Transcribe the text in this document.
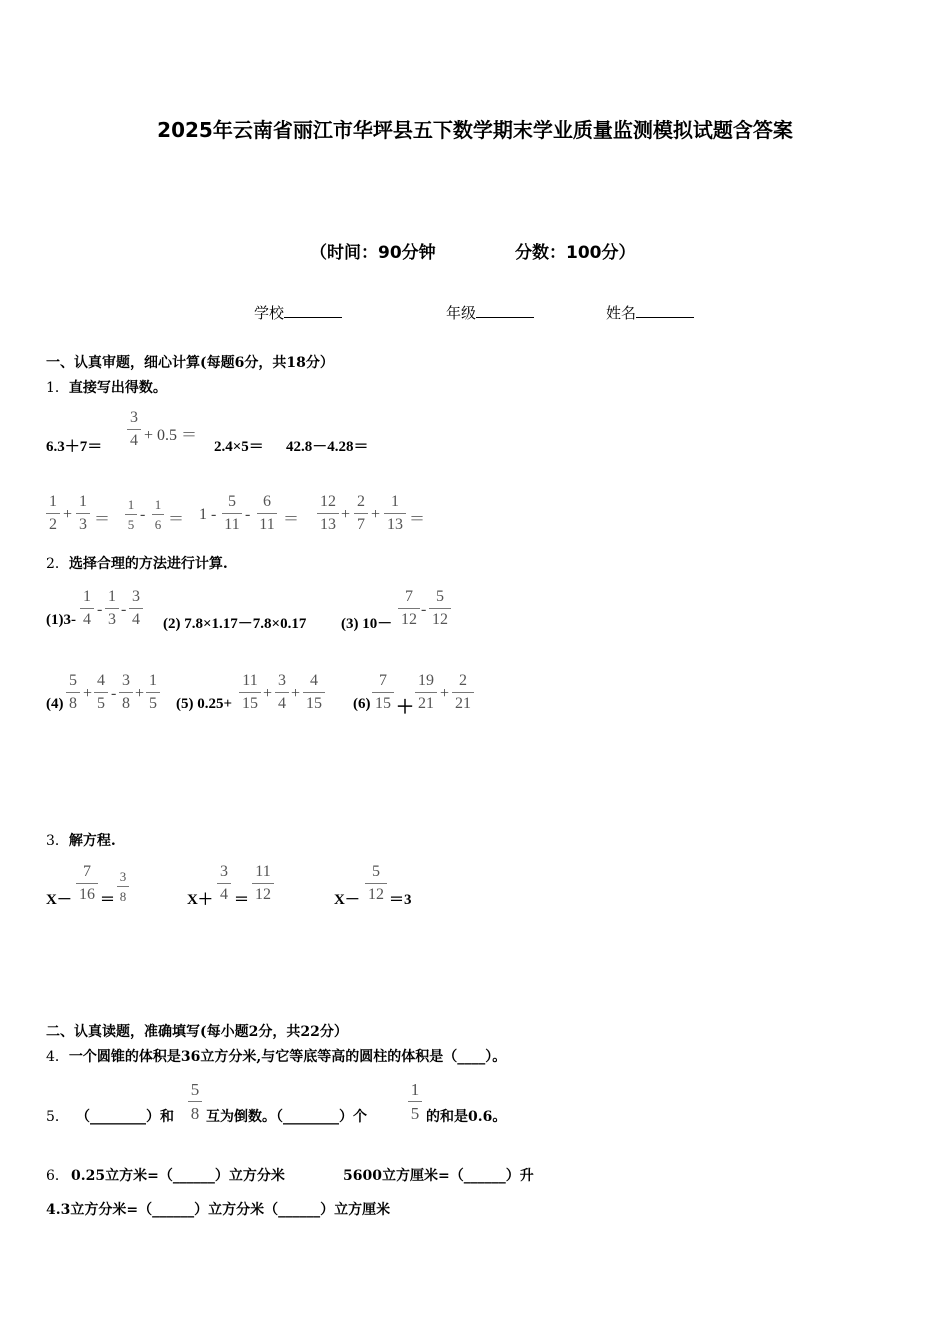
2025年云南省丽江市华坪县五下数学期末学业质量监测模拟试题含答案
（时间：90分钟	分数：100分）
学校	年级	姓名
一、认真审题，细心计算(每题6分，共18分）
1．直接写出得数。
$6.3+7= \frac{3}{4} + 0.5$ ＝
2.4×5＝ 42.8－4.28＝
$\frac{1}{2} + \frac{1}{3} = \frac{1}{5} - \frac{1}{6} = 1 - \frac{5}{11} - \frac{6}{11} = \frac{12}{13} + \frac{2}{7} + \frac{1}{13}$ ＝
2．选择合理的方法进行计算.
$(1)3- \frac{1}{4} - \frac{1}{3} - \frac{3}{4} (2)$ 7.8×1.17－7.8×0.17 (3) $10- \frac{7}{12} - \frac{5}{12}$
$(4) \frac{5}{8} + \frac{4}{5} - \frac{3}{8} + \frac{1}{5} (5)$ $0.25+ \frac{11}{15} + \frac{3}{4} + \frac{4}{15} (6) \frac{7}{15} + \frac{19}{21} + \frac{2}{21}$
3．解方程.
$X- \frac{7}{16} = \frac{3}{8}$	$X+ \frac{3}{4} = \frac{11}{12}$	$X- \frac{5}{12} =3$
二、认真读题，准确填写(每小题2分，共22分）
4．一个圆锥的体积是36立方分米,与它等底等高的圆柱的体积是（____）。
5． （________）和 $\frac{5}{8}$ 互为倒数。（________）个 $\frac{1}{5}$ 的和是0.6。
6． 0.25立方米=（______）立方分米	5600立方厘米=（______）升
4.3立方分米=（______）立方分米（______）立方厘米
